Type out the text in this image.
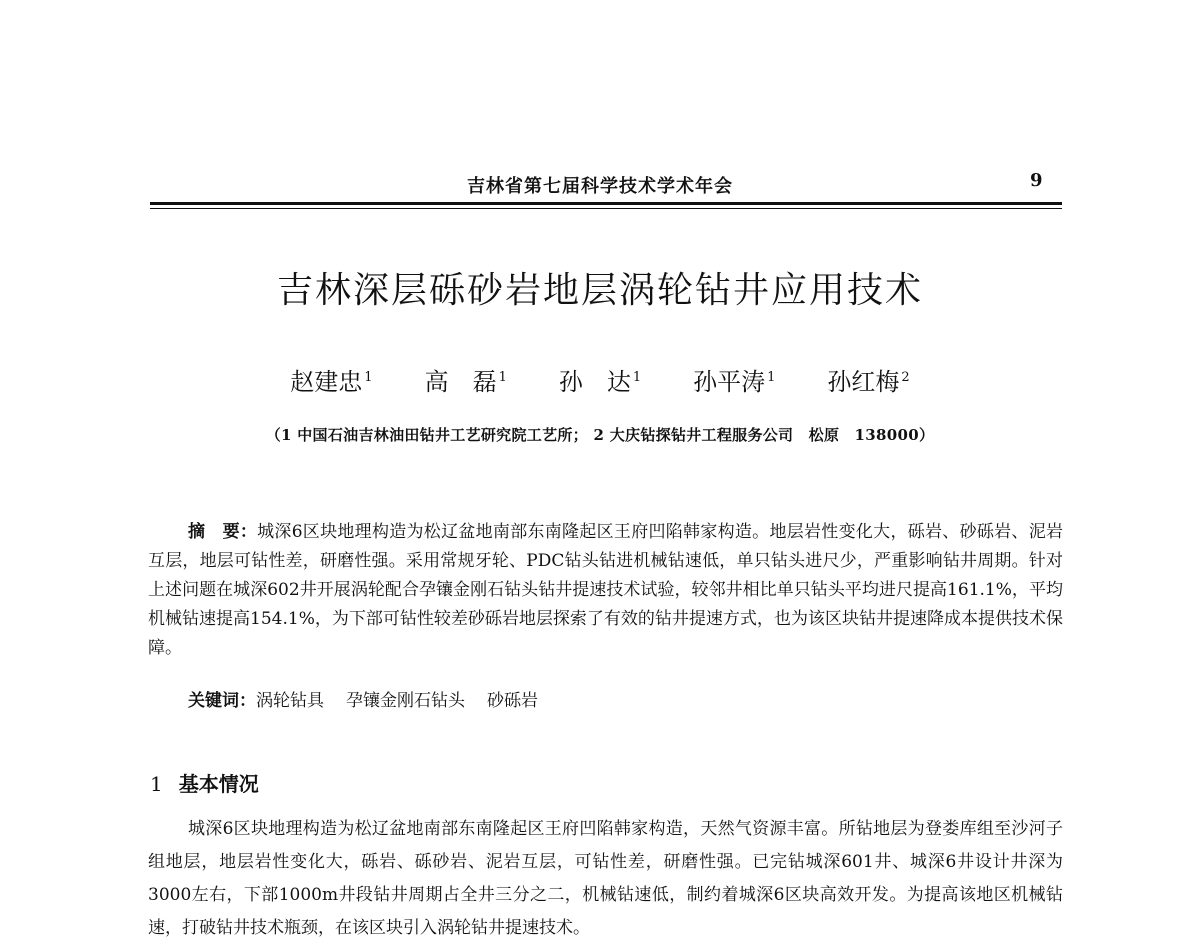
吉林省第七届科学技术学术年会	9
吉林深层砾砂岩地层涡轮钻井应用技术
赵建忠 $^1$ 高　磊 $^1$ 孙　达 $^1$ 孙平涛 $^1$ 孙红梅 $^2$
（1 中国石油吉林油田钻井工艺研究院工艺所； 2 大庆钻探钻井工程服务公司　松原　138000）
摘　要：城深6区块地理构造为松辽盆地南部东南隆起区王府凹陷韩家构造。地层岩性变化大，砾岩、砂砾岩、泥岩互层，地层可钻性差，研磨性强。采用常规牙轮、PDC钻头钻进机械钻速低，单只钻头进尺少，严重影响钻井周期。针对上述问题在城深602井开展涡轮配合孕镶金刚石钻头钻井提速技术试验，较邻井相比单只钻头平均进尺提高161.1%，平均机械钻速提高154.1%，为下部可钻性较差砂砾岩地层探索了有效的钻井提速方式，也为该区块钻井提速降成本提供技术保障。
关键词：涡轮钻具 孕镶金刚石钻头 砂砾岩
1 基本情况
城深6区块地理构造为松辽盆地南部东南隆起区王府凹陷韩家构造，天然气资源丰富。所钻地层为登娄库组至沙河子组地层，地层岩性变化大，砾岩、砾砂岩、泥岩互层，可钻性差，研磨性强。已完钻城深601井、城深6井设计井深为3000左右，下部1000m井段钻井周期占全井三分之二，机械钻速低，制约着城深6区块高效开发。为提高该地区机械钻速，打破钻井技术瓶颈，在该区块引入涡轮钻井提速技术。
